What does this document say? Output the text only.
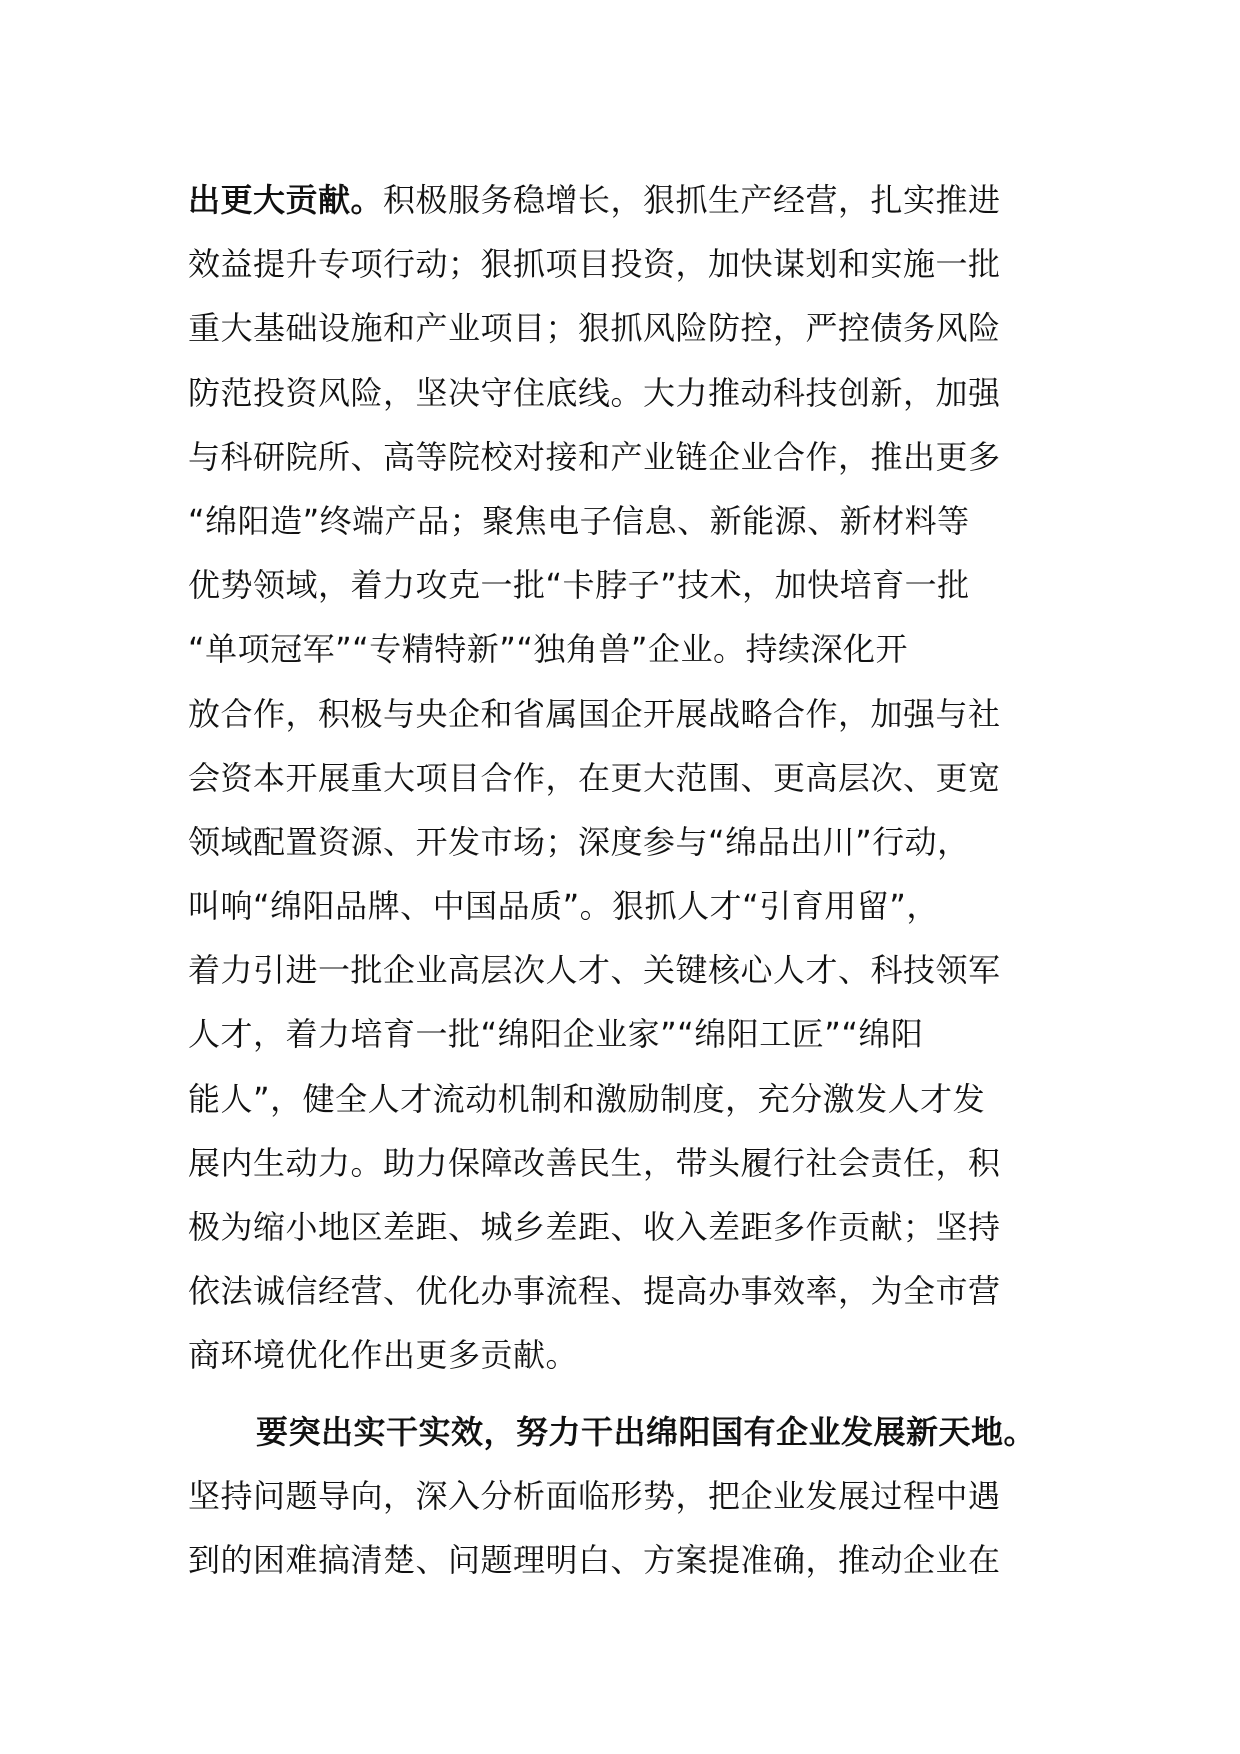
出更大贡献。积极服务稳增长，狠抓生产经营，扎实推进
效益提升专项行动；狠抓项目投资，加快谋划和实施一批
重大基础设施和产业项目；狠抓风险防控，严控债务风险
防范投资风险，坚决守住底线。大力推动科技创新，加强
与科研院所、高等院校对接和产业链企业合作，推出更多
“绵阳造”终端产品；聚焦电子信息、新能源、新材料等
优势领域，着力攻克一批“卡脖子”技术，加快培育一批
“单项冠军”“专精特新”“独角兽”企业。持续深化开
放合作，积极与央企和省属国企开展战略合作，加强与社
会资本开展重大项目合作，在更大范围、更高层次、更宽
领域配置资源、开发市场；深度参与“绵品出川”行动，
叫响“绵阳品牌、中国品质”。狠抓人才“引育用留”，
着力引进一批企业高层次人才、关键核心人才、科技领军
人才，着力培育一批“绵阳企业家”“绵阳工匠”“绵阳
能人”，健全人才流动机制和激励制度，充分激发人才发
展内生动力。助力保障改善民生，带头履行社会责任，积
极为缩小地区差距、城乡差距、收入差距多作贡献；坚持
依法诚信经营、优化办事流程、提高办事效率，为全市营
商环境优化作出更多贡献。
要突出实干实效，努力干出绵阳国有企业发展新天地。
坚持问题导向，深入分析面临形势，把企业发展过程中遇
到的困难搞清楚、问题理明白、方案提准确，推动企业在
